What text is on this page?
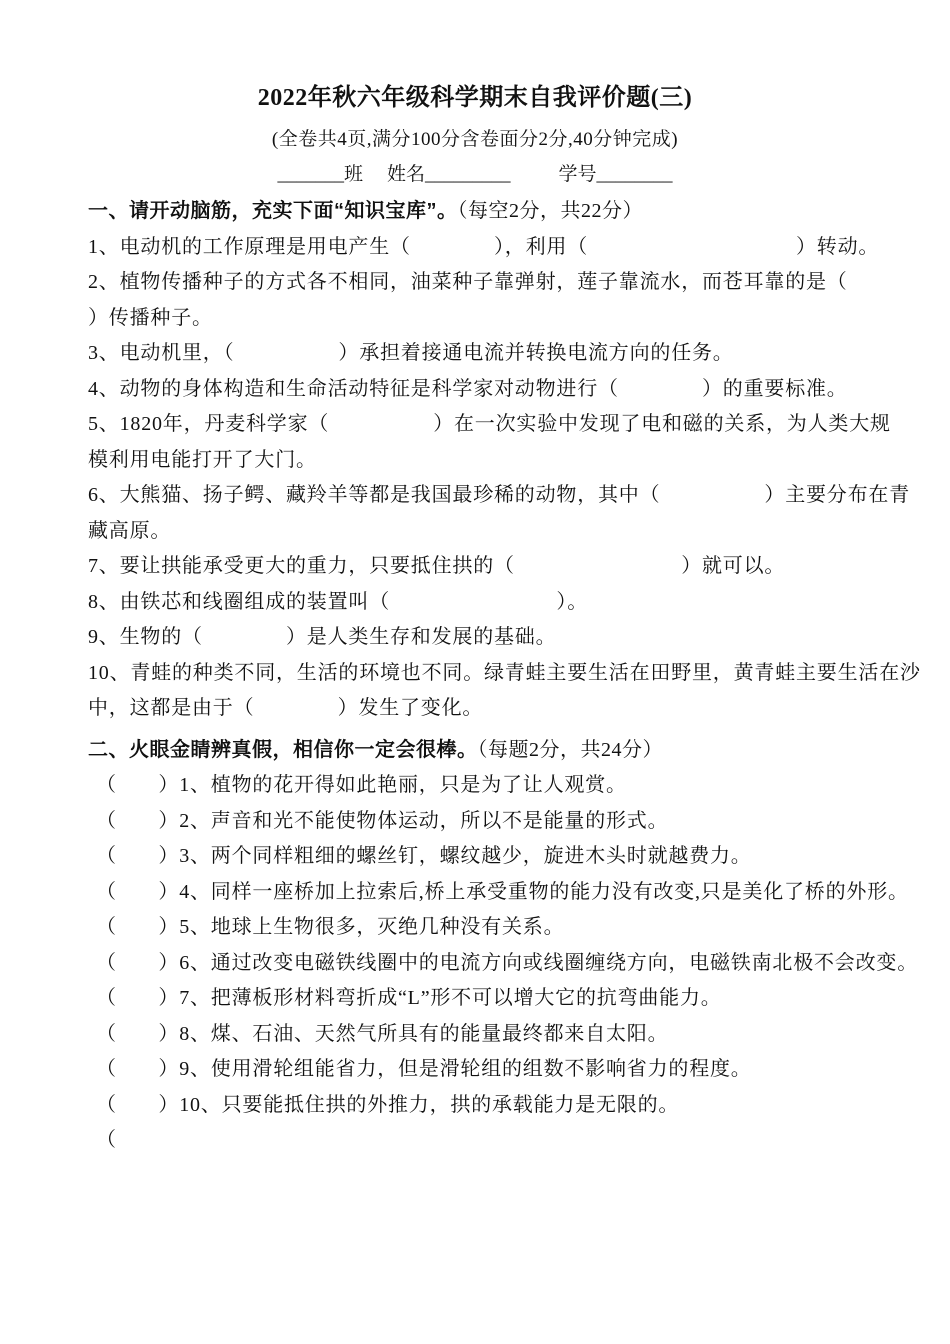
2022年秋六年级科学期末自我评价题(三)
(全卷共4页,满分100分含卷面分2分,40分钟完成)
_______班 姓名_________	学号________
一、请开动脑筋，充实下面“知识宝库”。（每空2分，共22分）
1、电动机的工作原理是用电产生（　　　　），利用（　　　　　　　　　　）转动。
2、植物传播种子的方式各不相同，油菜种子靠弹射，莲子靠流水，而苍耳靠的是（
）传播种子。
3、电动机里，（　　　　　）承担着接通电流并转换电流方向的任务。
4、动物的身体构造和生命活动特征是科学家对动物进行（　　　　）的重要标准。
5、1820年，丹麦科学家（　　　　　）在一次实验中发现了电和磁的关系，为人类大规
模利用电能打开了大门。
6、大熊猫、扬子鳄、藏羚羊等都是我国最珍稀的动物，其中（　　　　　）主要分布在青
藏高原。
7、要让拱能承受更大的重力，只要抵住拱的（　　　　　　　　）就可以。
8、由铁芯和线圈组成的装置叫（　　　　　　　　）。
9、生物的（　　　　）是人类生存和发展的基础。
10、青蛙的种类不同，生活的环境也不同。绿青蛙主要生活在田野里，黄青蛙主要生活在沙
中，这都是由于（　　　　）发生了变化。
二、火眼金睛辨真假，相信你一定会很棒。（每题2分，共24分）
（　　）1、植物的花开得如此艳丽，只是为了让人观赏。
（　　）2、声音和光不能使物体运动，所以不是能量的形式。
（　　）3、两个同样粗细的螺丝钉，螺纹越少，旋进木头时就越费力。
（　　）4、同样一座桥加上拉索后,桥上承受重物的能力没有改变,只是美化了桥的外形。
（　　）5、地球上生物很多，灭绝几种没有关系。
（　　）6、通过改变电磁铁线圈中的电流方向或线圈缠绕方向，电磁铁南北极不会改变。
（　　）7、把薄板形材料弯折成“L”形不可以增大它的抗弯曲能力。
（　　）8、煤、石油、天然气所具有的能量最终都来自太阳。
（　　）9、使用滑轮组能省力，但是滑轮组的组数不影响省力的程度。
（　　）10、只要能抵住拱的外推力，拱的承载能力是无限的。
（
